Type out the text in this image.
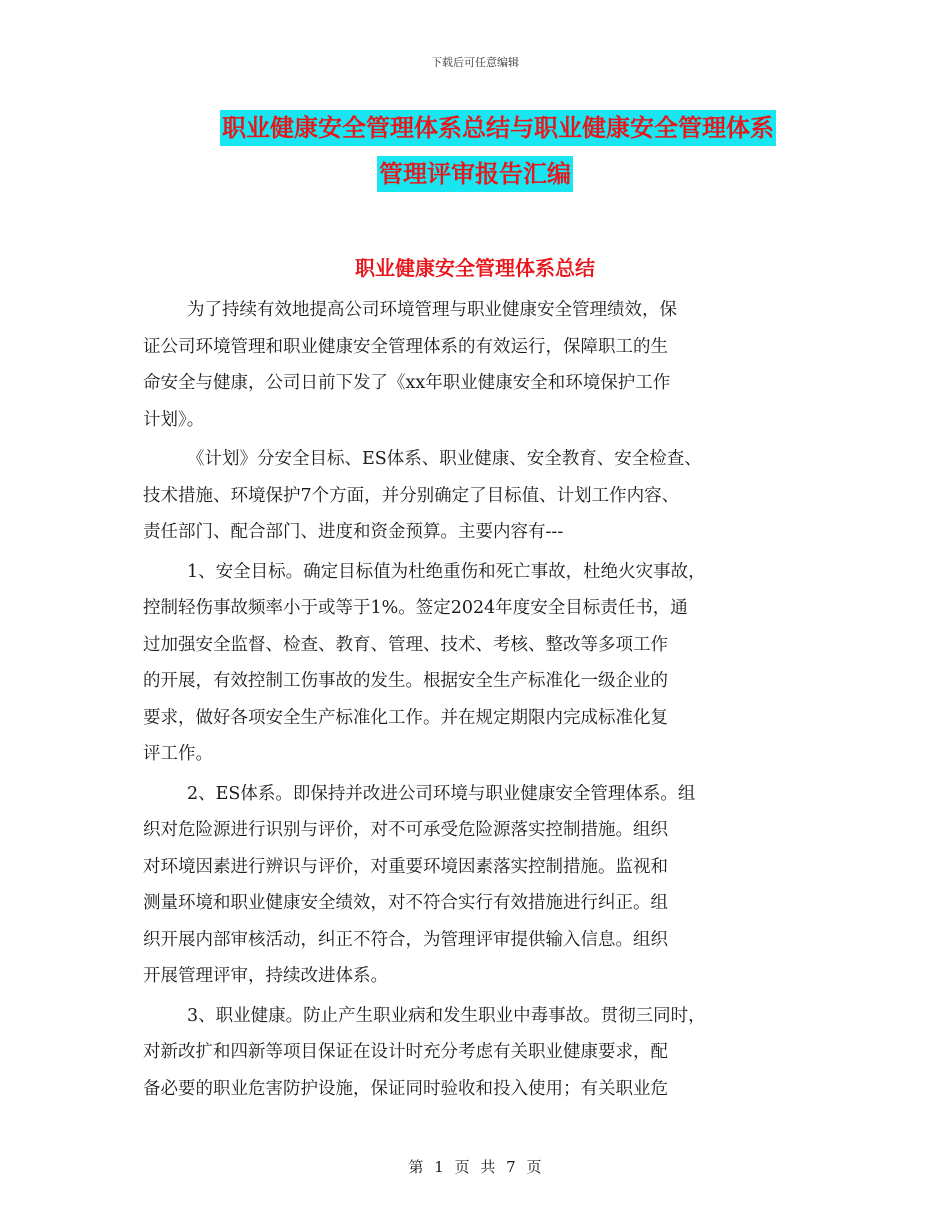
下载后可任意编辑
职业健康安全管理体系总结与职业健康安全管理体系
管理评审报告汇编
职业健康安全管理体系总结

为了持续有效地提高公司环境管理与职业健康安全管理绩效，保

证公司环境管理和职业健康安全管理体系的有效运行，保障职工的生

命安全与健康，公司日前下发了《xx年职业健康安全和环境保护工作

计划》。

《计划》分安全目标、ES体系、职业健康、安全教育、安全检查、

技术措施、环境保护7个方面，并分别确定了目标值、计划工作内容、

责任部门、配合部门、进度和资金预算。主要内容有---

1、安全目标。确定目标值为杜绝重伤和死亡事故，杜绝火灾事故，

控制轻伤事故频率小于或等于1%。签定2024年度安全目标责任书，通

过加强安全监督、检查、教育、管理、技术、考核、整改等多项工作

的开展，有效控制工伤事故的发生。根据安全生产标准化一级企业的

要求，做好各项安全生产标准化工作。并在规定期限内完成标准化复

评工作。

2、ES体系。即保持并改进公司环境与职业健康安全管理体系。组

织对危险源进行识别与评价，对不可承受危险源落实控制措施。组织

对环境因素进行辨识与评价，对重要环境因素落实控制措施。监视和

测量环境和职业健康安全绩效，对不符合实行有效措施进行纠正。组

织开展内部审核活动，纠正不符合，为管理评审提供输入信息。组织

开展管理评审，持续改进体系。

3、职业健康。防止产生职业病和发生职业中毒事故。贯彻三同时，

对新改扩和四新等项目保证在设计时充分考虑有关职业健康要求，配

备必要的职业危害防护设施，保证同时验收和投入使用；有关职业危

第 1 页 共 7 页
